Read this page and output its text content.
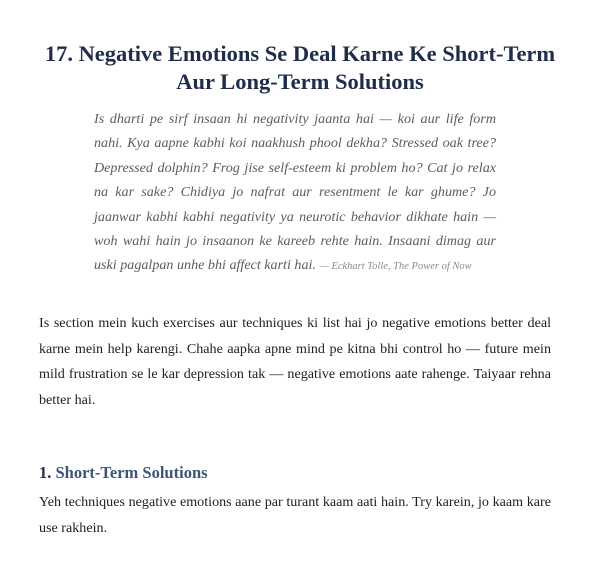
17. Negative Emotions Se Deal Karne Ke Short-Term
Aur Long-Term Solutions

Is dharti pe sirf insaan hi negativity jaanta hai — koi aur life form nahi. Kya aapne kabhi koi naakhush phool dekha? Stressed oak tree? Depressed dolphin? Frog jise self-esteem ki problem ho? Cat jo relax na kar sake? Chidiya jo nafrat aur resentment le kar ghume? Jo jaanwar kabhi kabhi negativity ya neurotic behavior dikhate hain — woh wahi hain jo insaanon ke kareeb rehte hain. Insaani dimag aur uski pagalpan unhe bhi affect karti hai. — Eckhart Tolle, The Power of Now

Is section mein kuch exercises aur techniques ki list hai jo negative emotions better deal karne mein help karengi. Chahe aapka apne mind pe kitna bhi control ho — future mein mild frustration se le kar depression tak — negative emotions aate rahenge. Taiyaar rehna better hai.

1. Short-Term Solutions

Yeh techniques negative emotions aane par turant kaam aati hain. Try karein, jo kaam kare use rakhein.
